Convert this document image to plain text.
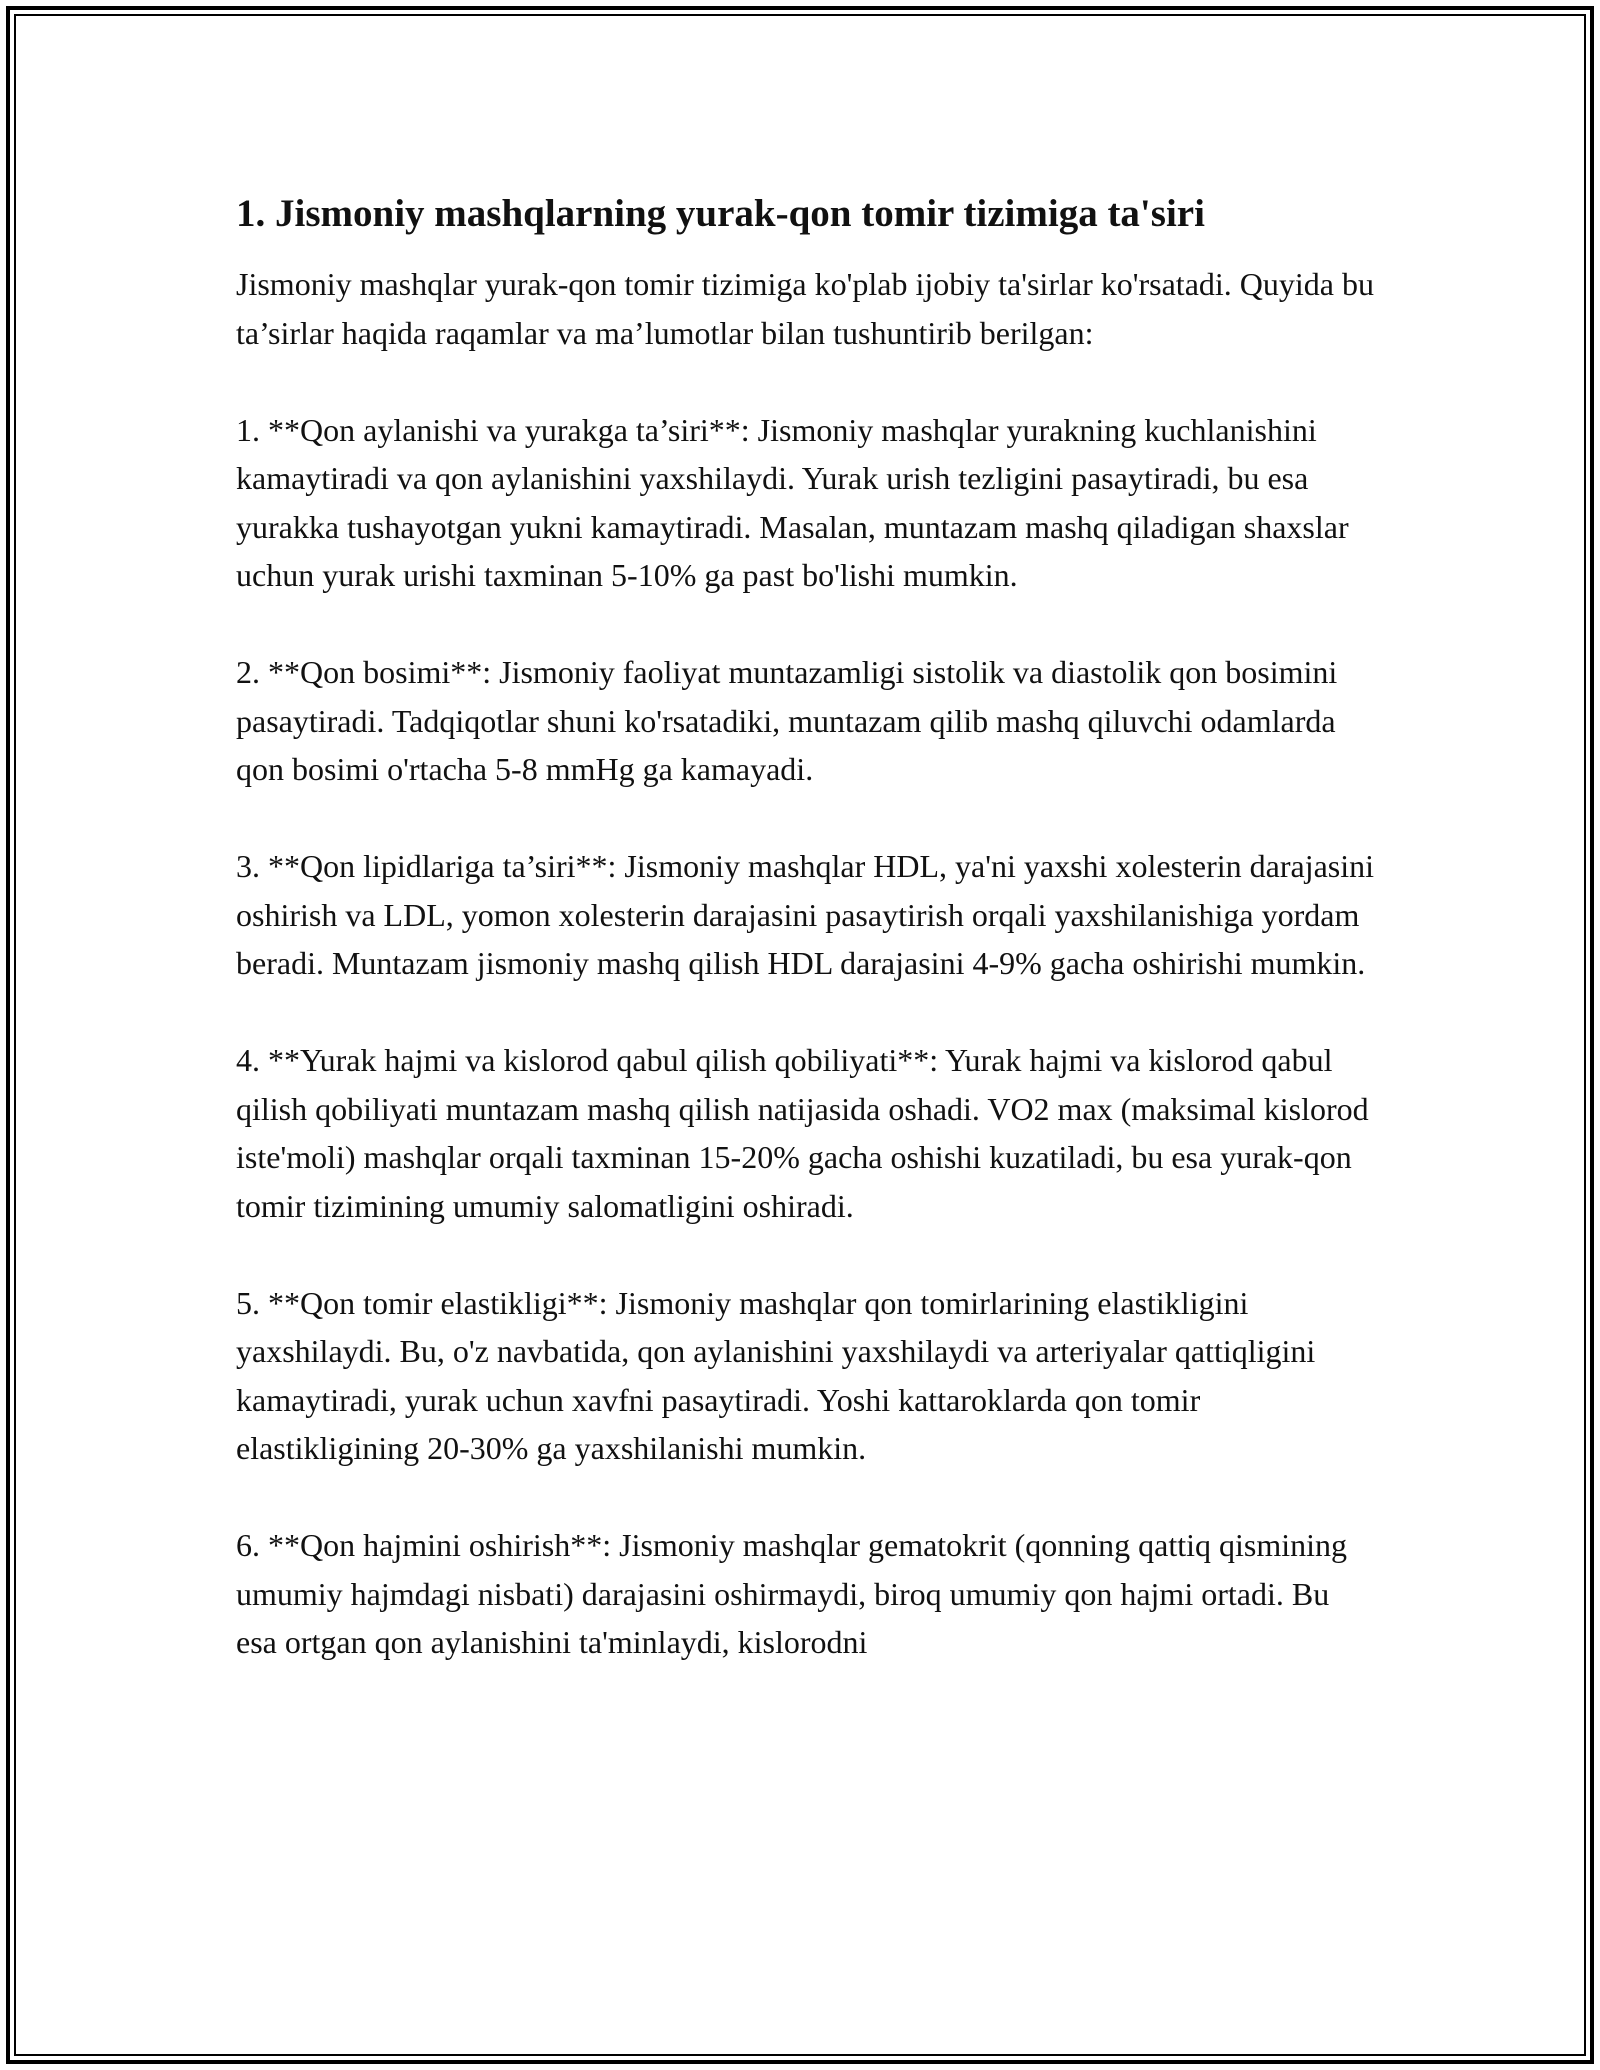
1. Jismoniy mashqlarning yurak-qon tomir tizimiga ta'siri

Jismoniy mashqlar yurak-qon tomir tizimiga ko'plab ijobiy ta'sirlar ko'rsatadi. Quyida bu ta’sirlar haqida raqamlar va ma’lumotlar bilan tushuntirib berilgan:

1. **Qon aylanishi va yurakga ta’siri**: Jismoniy mashqlar yurakning kuchlanishini kamaytiradi va qon aylanishini yaxshilaydi. Yurak urish tezligini pasaytiradi, bu esa yurakka tushayotgan yukni kamaytiradi. Masalan, muntazam mashq qiladigan shaxslar uchun yurak urishi taxminan 5-10% ga past bo'lishi mumkin.

2. **Qon bosimi**: Jismoniy faoliyat muntazamligi sistolik va diastolik qon bosimini pasaytiradi. Tadqiqotlar shuni ko'rsatadiki, muntazam qilib mashq qiluvchi odamlarda qon bosimi o'rtacha 5-8 mmHg ga kamayadi.

3. **Qon lipidlariga ta’siri**: Jismoniy mashqlar HDL, ya'ni yaxshi xolesterin darajasini oshirish va LDL, yomon xolesterin darajasini pasaytirish orqali yaxshilanishiga yordam beradi. Muntazam jismoniy mashq qilish HDL darajasini 4-9% gacha oshirishi mumkin.

4. **Yurak hajmi va kislorod qabul qilish qobiliyati**: Yurak hajmi va kislorod qabul qilish qobiliyati muntazam mashq qilish natijasida oshadi. VO2 max (maksimal kislorod iste'moli) mashqlar orqali taxminan 15-20% gacha oshishi kuzatiladi, bu esa yurak-qon tomir tizimining umumiy salomatligini oshiradi.

5. **Qon tomir elastikligi**: Jismoniy mashqlar qon tomirlarining elastikligini yaxshilaydi. Bu, o'z navbatida, qon aylanishini yaxshilaydi va arteriyalar qattiqligini kamaytiradi, yurak uchun xavfni pasaytiradi. Yoshi kattaroklarda qon tomir elastikligining 20-30% ga yaxshilanishi mumkin.

6. **Qon hajmini oshirish**: Jismoniy mashqlar gematokrit (qonning qattiq qismining umumiy hajmdagi nisbati) darajasini oshirmaydi, biroq umumiy qon hajmi ortadi. Bu esa ortgan qon aylanishini ta'minlaydi, kislorodni
